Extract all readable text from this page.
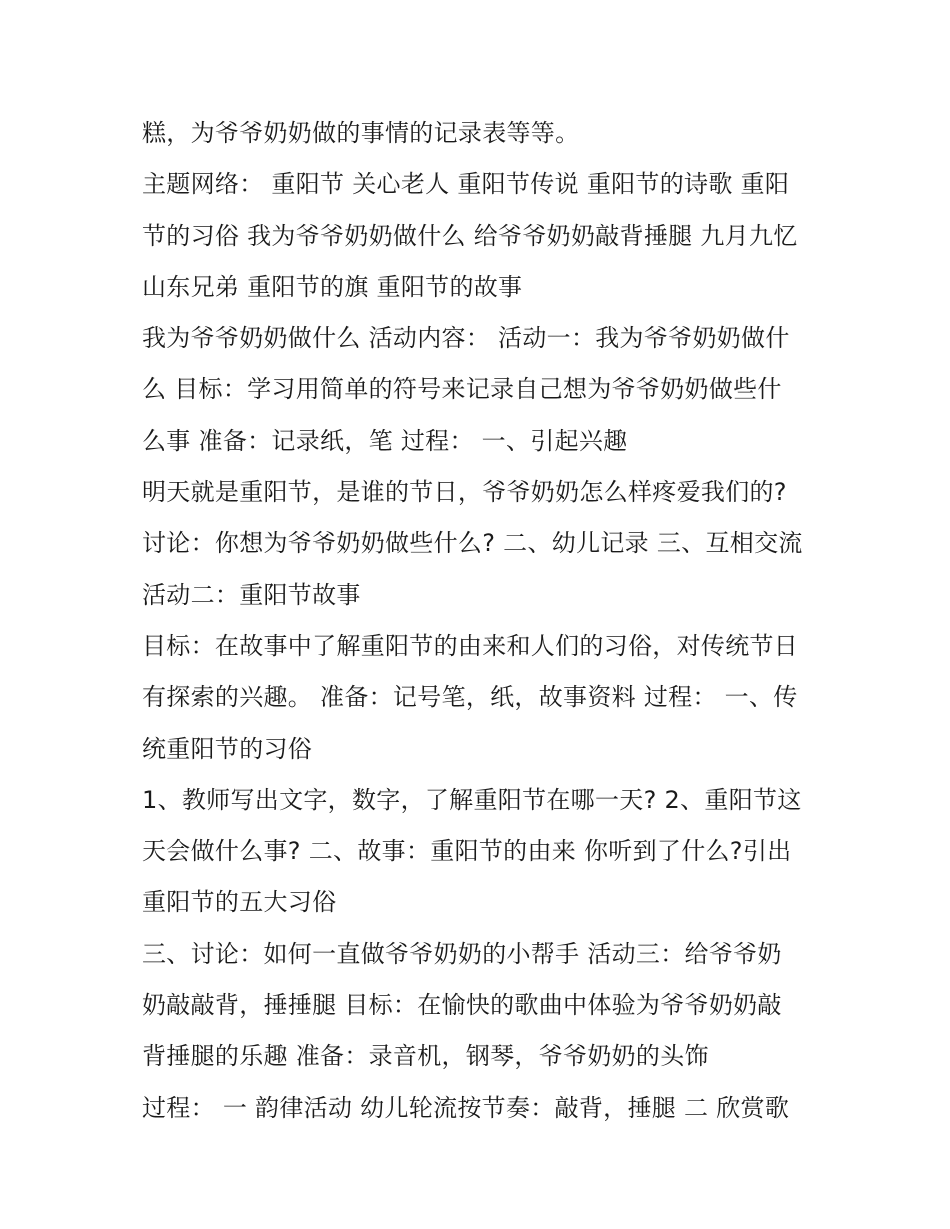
糕，为爷爷奶奶做的事情的记录表等等。
主题网络： 重阳节 关心老人 重阳节传说 重阳节的诗歌 重阳
节的习俗 我为爷爷奶奶做什么 给爷爷奶奶敲背捶腿 九月九忆
山东兄弟 重阳节的旗 重阳节的故事
我为爷爷奶奶做什么 活动内容： 活动一：我为爷爷奶奶做什
么 目标：学习用简单的符号来记录自己想为爷爷奶奶做些什
么事 准备：记录纸，笔 过程： 一、引起兴趣
明天就是重阳节，是谁的节日，爷爷奶奶怎么样疼爱我们的?
讨论：你想为爷爷奶奶做些什么? 二、幼儿记录 三、互相交流
活动二：重阳节故事
目标：在故事中了解重阳节的由来和人们的习俗，对传统节日
有探索的兴趣。 准备：记号笔，纸，故事资料 过程： 一、传
统重阳节的习俗
1、教师写出文字，数字，了解重阳节在哪一天? 2、重阳节这
天会做什么事? 二、故事：重阳节的由来 你听到了什么?引出
重阳节的五大习俗
三、讨论：如何一直做爷爷奶奶的小帮手 活动三：给爷爷奶
奶敲敲背，捶捶腿 目标：在愉快的歌曲中体验为爷爷奶奶敲
背捶腿的乐趣 准备：录音机，钢琴，爷爷奶奶的头饰
过程： 一 韵律活动 幼儿轮流按节奏：敲背，捶腿 二 欣赏歌
